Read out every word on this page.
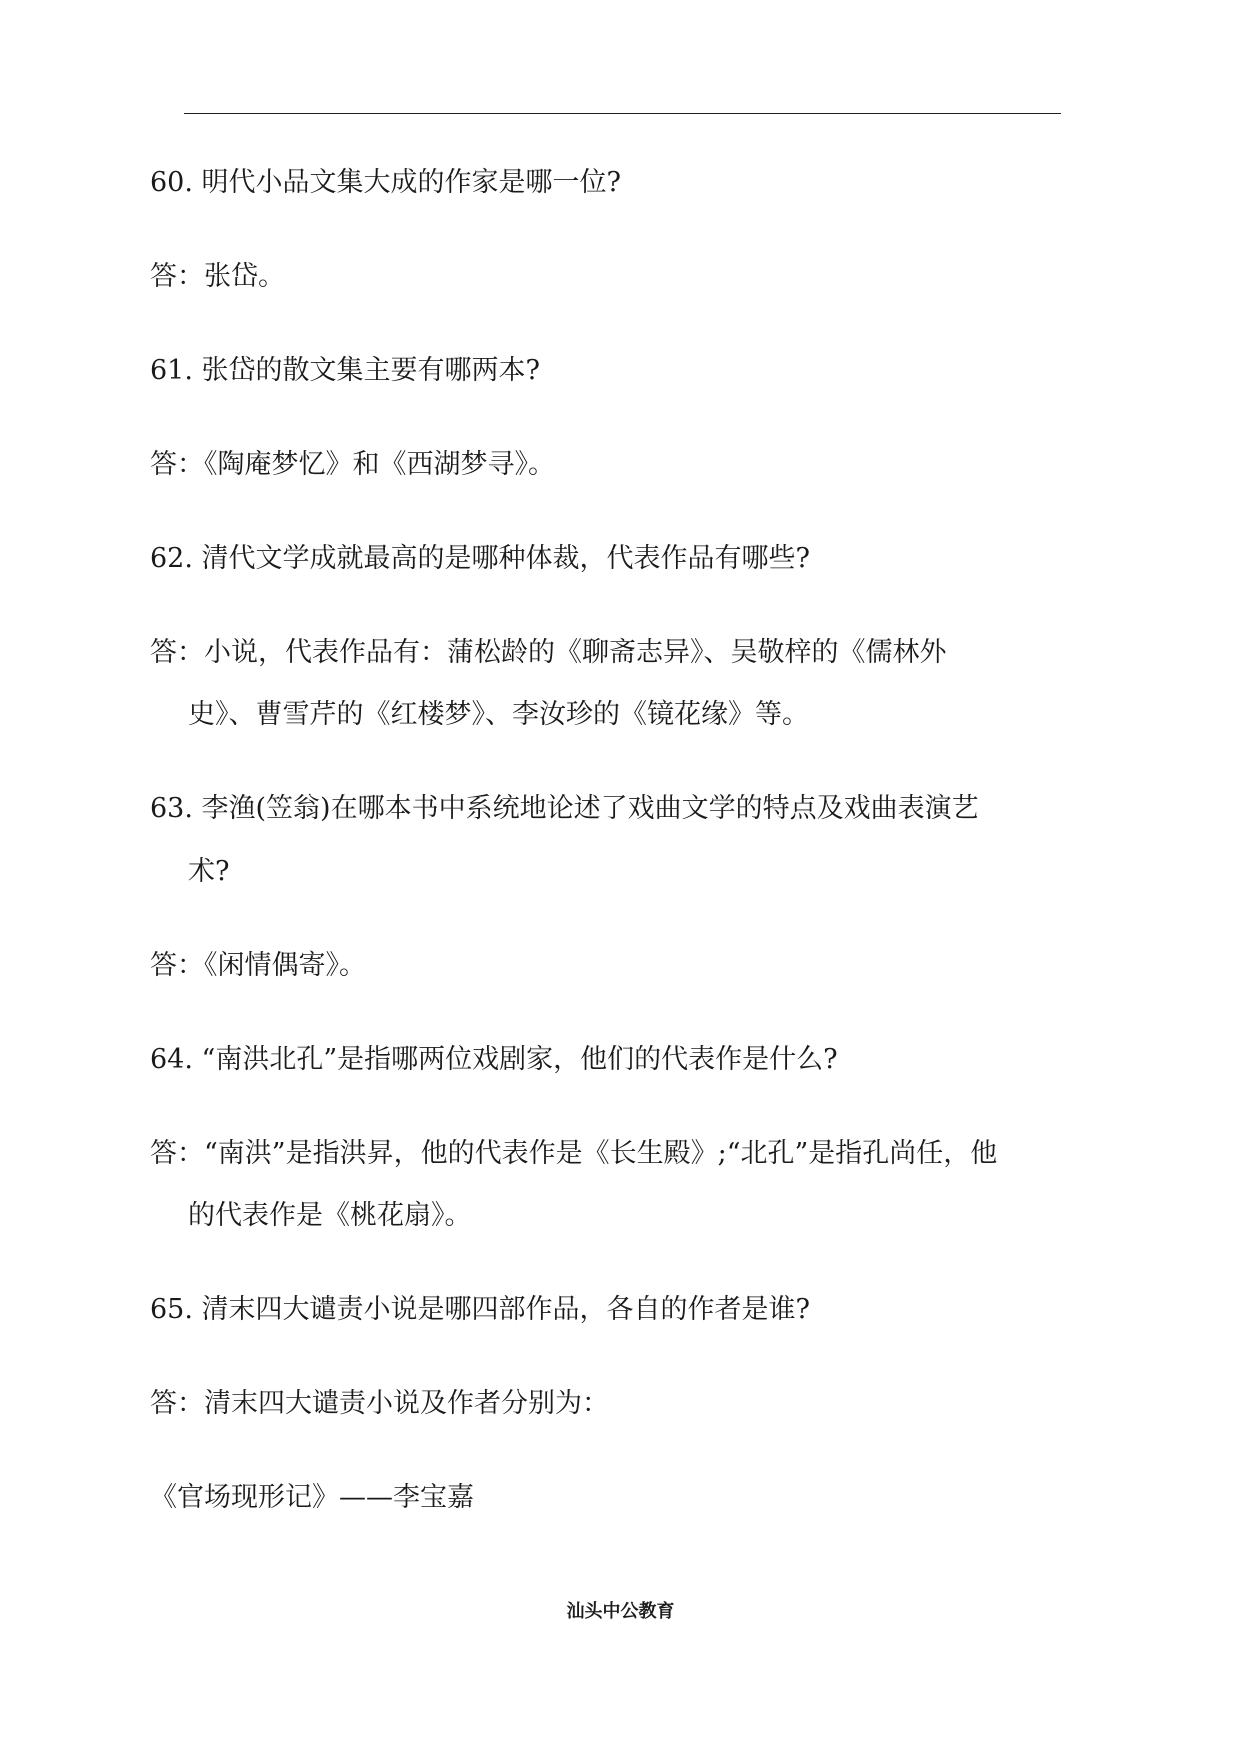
60. 明代小品文集大成的作家是哪一位?
答：张岱。
61. 张岱的散文集主要有哪两本?
答：《陶庵梦忆》和《西湖梦寻》。
62. 清代文学成就最高的是哪种体裁，代表作品有哪些?
答：小说，代表作品有：蒲松龄的《聊斋志异》、吴敬梓的《儒林外
史》、曹雪芹的《红楼梦》、李汝珍的《镜花缘》等。
63. 李渔(笠翁)在哪本书中系统地论述了戏曲文学的特点及戏曲表演艺
术?
答：《闲情偶寄》。
64. “南洪北孔”是指哪两位戏剧家，他们的代表作是什么?
答：“南洪”是指洪昇，他的代表作是《长生殿》;“北孔”是指孔尚任，他
的代表作是《桃花扇》。
65. 清末四大谴责小说是哪四部作品，各自的作者是谁?
答：清末四大谴责小说及作者分别为：
《官场现形记》——李宝嘉
汕头中公教育
